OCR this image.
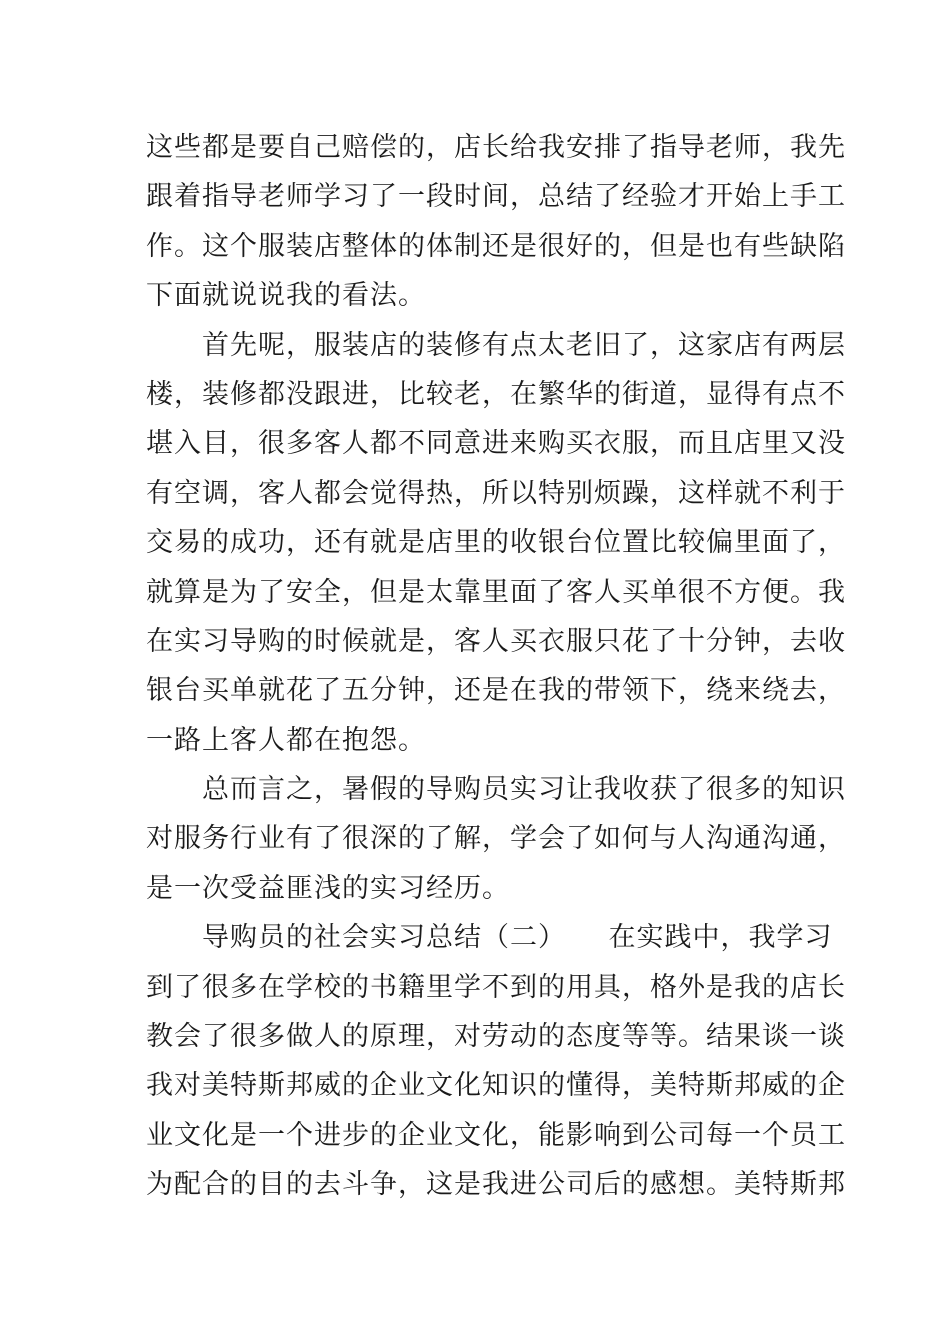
这些都是要自己赔偿的，店长给我安排了指导老师，我先
跟着指导老师学习了一段时间，总结了经验才开始上手工
作。这个服装店整体的体制还是很好的，但是也有些缺陷
下面就说说我的看法。
　　首先呢，服装店的装修有点太老旧了，这家店有两层
楼，装修都没跟进，比较老，在繁华的街道，显得有点不
堪入目，很多客人都不同意进来购买衣服，而且店里又没
有空调，客人都会觉得热，所以特别烦躁，这样就不利于
交易的成功，还有就是店里的收银台位置比较偏里面了，
就算是为了安全，但是太靠里面了客人买单很不方便。我
在实习导购的时候就是，客人买衣服只花了十分钟，去收
银台买单就花了五分钟，还是在我的带领下，绕来绕去，
一路上客人都在抱怨。
　　总而言之，暑假的导购员实习让我收获了很多的知识
对服务行业有了很深的了解，学会了如何与人沟通沟通，
是一次受益匪浅的实习经历。
　　导购员的社会实习总结（二）　　在实践中，我学习
到了很多在学校的书籍里学不到的用具，格外是我的店长
教会了很多做人的原理，对劳动的态度等等。结果谈一谈
我对美特斯邦威的企业文化知识的懂得，美特斯邦威的企
业文化是一个进步的企业文化，能影响到公司每一个员工
为配合的目的去斗争，这是我进公司后的感想。美特斯邦
